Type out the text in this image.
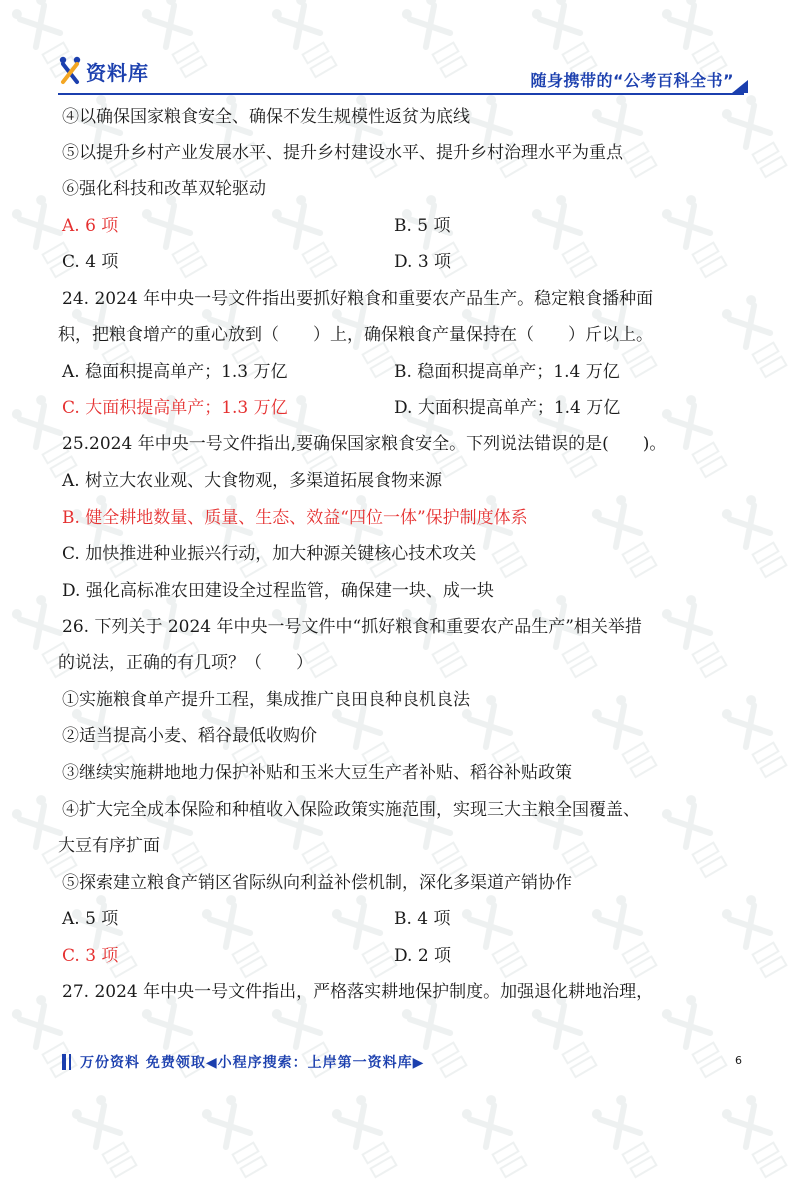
资料库	随身携带的“公考百科全书”
④以确保国家粮食安全、确保不发生规模性返贫为底线
⑤以提升乡村产业发展水平、提升乡村建设水平、提升乡村治理水平为重点
⑥强化科技和改革双轮驱动
A. 6 项	B. 5 项
C. 4 项	D. 3 项
24. 2024 年中央一号文件指出要抓好粮食和重要农产品生产。稳定粮食播种面
积，把粮食增产的重心放到（　　）上，确保粮食产量保持在（　　）斤以上。
A. 稳面积提高单产；1.3 万亿	B. 稳面积提高单产；1.4 万亿
C. 大面积提高单产；1.3 万亿	D. 大面积提高单产；1.4 万亿
25.2024 年中央一号文件指出,要确保国家粮食安全。下列说法错误的是(　　)。
A. 树立大农业观、大食物观，多渠道拓展食物来源
B. 健全耕地数量、质量、生态、效益“四位一体”保护制度体系
C. 加快推进种业振兴行动，加大种源关键核心技术攻关
D. 强化高标准农田建设全过程监管，确保建一块、成一块
26. 下列关于 2024 年中央一号文件中“抓好粮食和重要农产品生产”相关举措
的说法，正确的有几项？（　　）
①实施粮食单产提升工程，集成推广良田良种良机良法
②适当提高小麦、稻谷最低收购价
③继续实施耕地地力保护补贴和玉米大豆生产者补贴、稻谷补贴政策
④扩大完全成本保险和种植收入保险政策实施范围，实现三大主粮全国覆盖、
大豆有序扩面
⑤探索建立粮食产销区省际纵向利益补偿机制，深化多渠道产销协作
A. 5 项	B. 4 项
C. 3 项	D. 2 项
27. 2024 年中央一号文件指出，严格落实耕地保护制度。加强退化耕地治理，
万份资料 免费领取◀小程序搜索：上岸第一资料库▶	6
